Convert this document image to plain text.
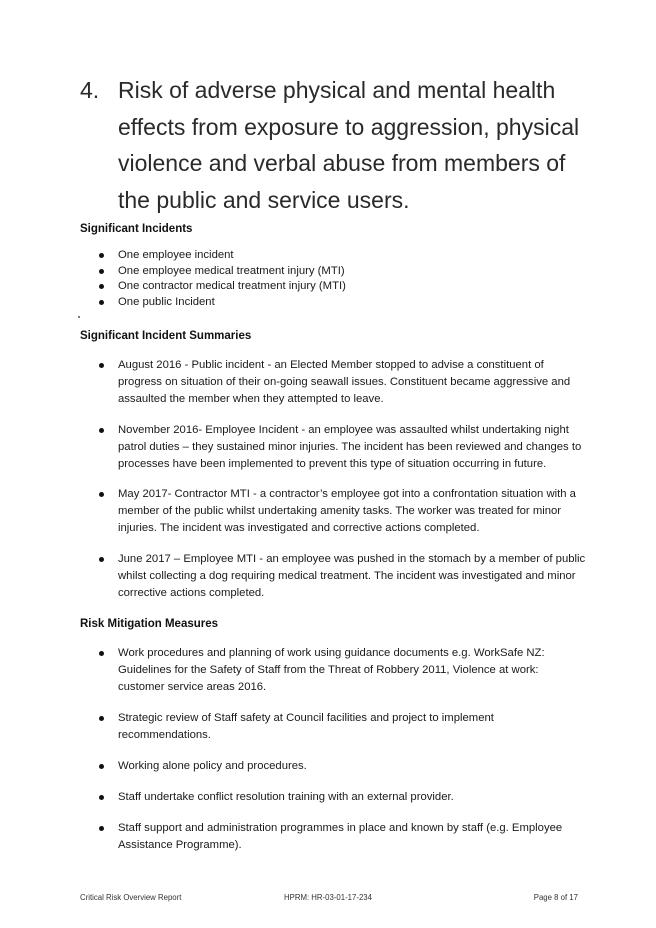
4. Risk of adverse physical and mental health effects from exposure to aggression, physical violence and verbal abuse from members of the public and service users.
Significant Incidents
One employee incident
One employee medical treatment injury (MTI)
One contractor medical treatment injury (MTI)
One public Incident
Significant Incident Summaries
August 2016 - Public incident - an Elected Member stopped to advise a constituent of progress on situation of their on-going seawall issues. Constituent became aggressive and assaulted the member when they attempted to leave.
November 2016- Employee Incident - an employee was assaulted whilst undertaking night patrol duties – they sustained minor injuries. The incident has been reviewed and changes to processes have been implemented to prevent this type of situation occurring in future.
May 2017- Contractor MTI - a contractor’s employee got into a confrontation situation with a member of the public whilst undertaking amenity tasks. The worker was treated for minor injuries. The incident was investigated and corrective actions completed.
June 2017 – Employee MTI - an employee was pushed in the stomach by a member of public whilst collecting a dog requiring medical treatment. The incident was investigated and minor corrective actions completed.
Risk Mitigation Measures
Work procedures and planning of work using guidance documents e.g. WorkSafe NZ: Guidelines for the Safety of Staff from the Threat of Robbery 2011, Violence at work: customer service areas 2016.
Strategic review of Staff safety at Council facilities and project to implement recommendations.
Working alone policy and procedures.
Staff undertake conflict resolution training with an external provider.
Staff support and administration programmes in place and known by staff (e.g. Employee Assistance Programme).
Critical Risk Overview Report	HPRM: HR-03-01-17-234	Page 8 of 17
